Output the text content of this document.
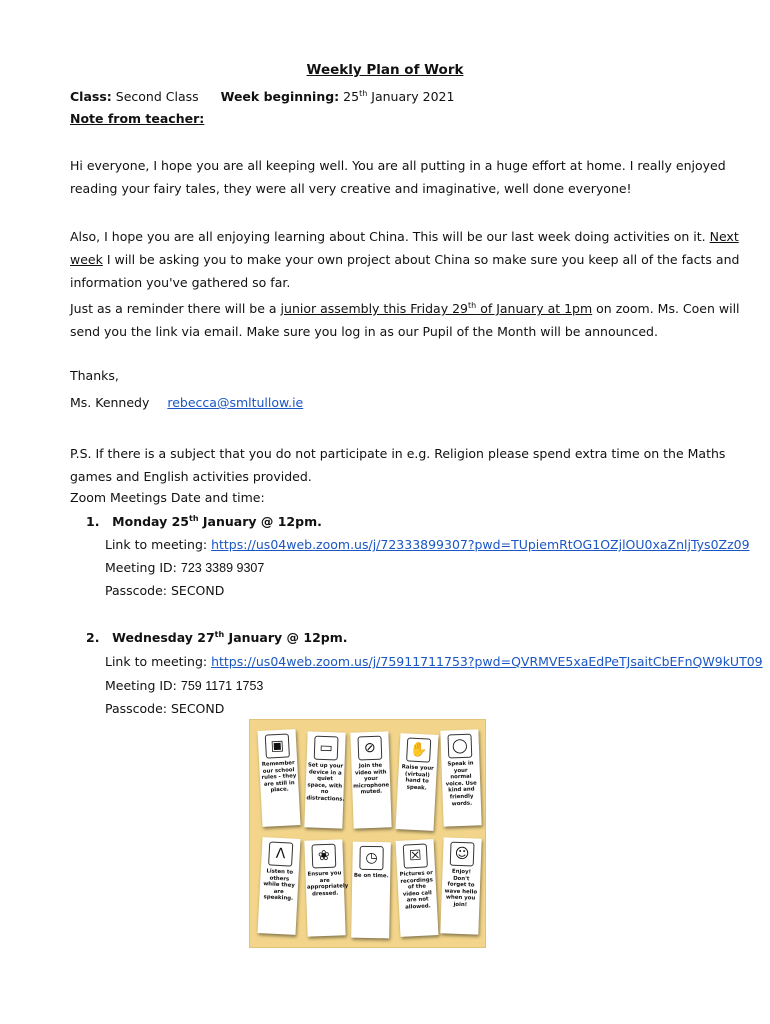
Weekly Plan of Work
Class: Second Class Week beginning: 25th January 2021
Note from teacher:
Hi everyone, I hope you are all keeping well. You are all putting in a huge effort at home. I really enjoyed reading your fairy tales, they were all very creative and imaginative, well done everyone!
Also, I hope you are all enjoying learning about China. This will be our last week doing activities on it. Next week I will be asking you to make your own project about China so make sure you keep all of the facts and information you've gathered so far.
Just as a reminder there will be a junior assembly this Friday 29th of January at 1pm on zoom. Ms. Coen will send you the link via email. Make sure you log in as our Pupil of the Month will be announced.
Thanks,
Ms. Kennedy rebecca@smltullow.ie
P.S. If there is a subject that you do not participate in e.g. Religion please spend extra time on the Maths games and English activities provided.
Zoom Meetings Date and time:
1. Monday 25th January @ 12pm.
Link to meeting: https://us04web.zoom.us/j/72333899307?pwd=TUpiemRtOG1OZjlOU0xaZnljTys0Zz09
Meeting ID: 723 3389 9307
Passcode: SECOND
2. Wednesday 27th January @ 12pm.
Link to meeting: https://us04web.zoom.us/j/75911711753?pwd=QVRMVE5xaEdPeTJsaitCbEFnQW9kUT09
Meeting ID: 759 1171 1753
Passcode: SECOND
▣
Remember our school rules - they are still in place.
▭
Set up your device in a quiet space, with no distractions.
⊘
Join the video with your microphone muted.
✋
Raise your (virtual) hand to speak.
◯
Speak in your normal voice. Use kind and friendly words.
Ʌ
Listen to others while they are speaking.
❀
Ensure you are appropriately dressed.
◷
Be on time.
☒
Pictures or recordings of the video call are not allowed.
☺
Enjoy! Don't forget to wave hello when you join!
